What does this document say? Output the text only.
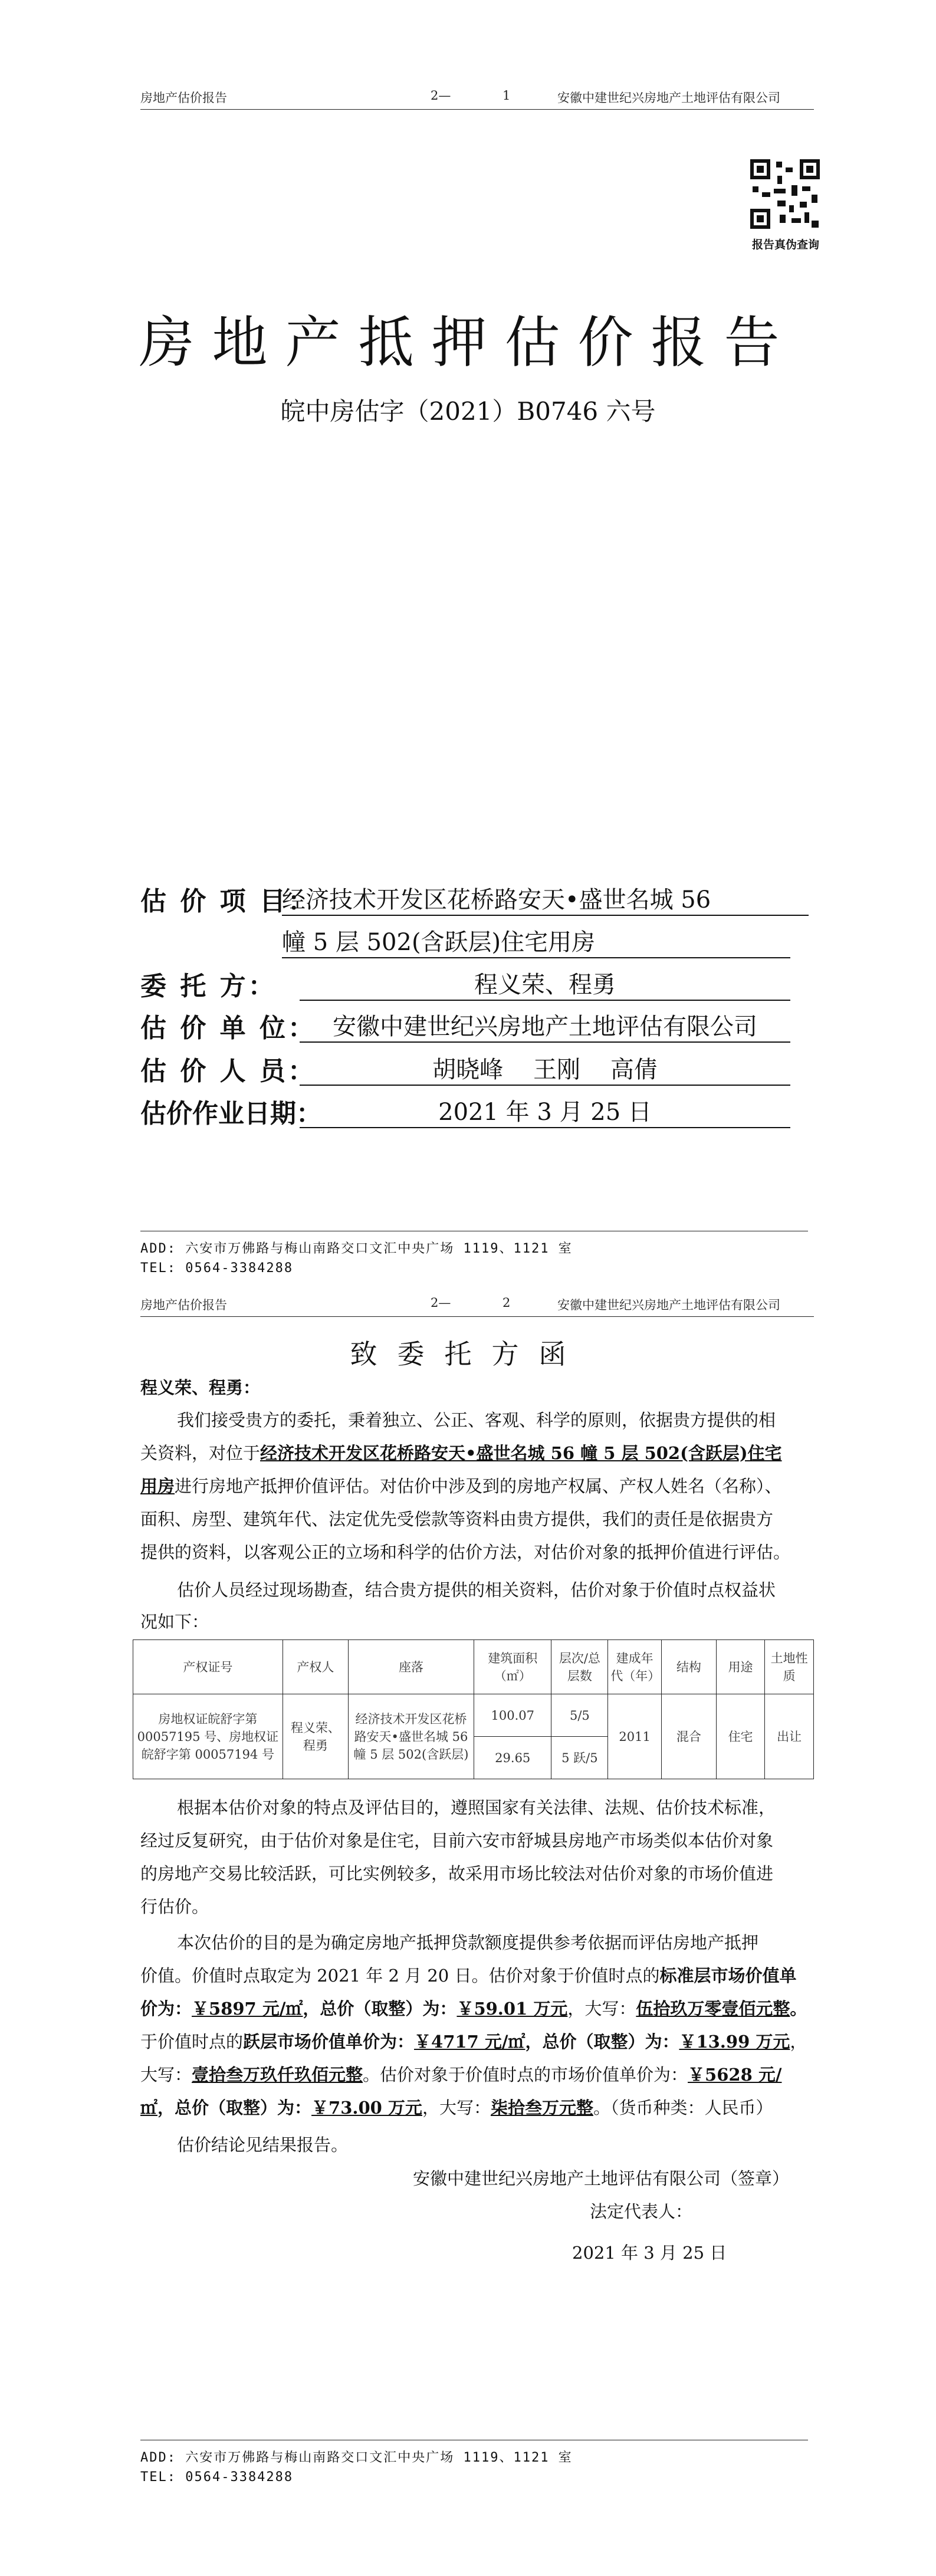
房地产估价报告	2—	1	安徽中建世纪兴房地产土地评估有限公司
报告真伪查询
房地产抵押估价报告
皖中房估字（2021）B0746 六号
估 价 项 目：
经济技术开发区花桥路安天•盛世名城 56
幢 5 层 502(含跃层)住宅用房
委 托 方：	程义荣、程勇
估 价 单 位： 安徽中建世纪兴房地产土地评估有限公司
估 价 人 员：	胡晓峰    王刚    高倩
估价作业日期：	2021 年 3 月 25 日
ADD: 六安市万佛路与梅山南路交口文汇中央广场 1119、1121 室
TEL: 0564-3384288
房地产估价报告	2—	2	安徽中建世纪兴房地产土地评估有限公司
致委托方函
程义荣、程勇：
我们接受贵方的委托，秉着独立、公正、客观、科学的原则，依据贵方提供的相
关资料，对位于经济技术开发区花桥路安天•盛世名城 56 幢 5 层 502(含跃层)住宅
用房进行房地产抵押价值评估。对估价中涉及到的房地产权属、产权人姓名（名称）、
面积、房型、建筑年代、法定优先受偿款等资料由贵方提供，我们的责任是依据贵方
提供的资料，以客观公正的立场和科学的估价方法，对估价对象的抵押价值进行评估。
估价人员经过现场勘查，结合贵方提供的相关资料，估价对象于价值时点权益状
况如下：
产权证号	产权人	座落	建筑面积（㎡）	层次/总层数	建成年代（年）	结构	用途	土地性质
房地权证皖舒字第 00057195 号、房地权证皖舒字第 00057194 号	程义荣、程勇	经济技术开发区花桥路安天•盛世名城 56 幢 5 层 502(含跃层)	100.07	5/5	2011	混合	住宅	出让
			29.65	5 跃/5				
根据本估价对象的特点及评估目的，遵照国家有关法律、法规、估价技术标准，
经过反复研究，由于估价对象是住宅，目前六安市舒城县房地产市场类似本估价对象
的房地产交易比较活跃，可比实例较多，故采用市场比较法对估价对象的市场价值进
行估价。
本次估价的目的是为确定房地产抵押贷款额度提供参考依据而评估房地产抵押
价值。价值时点取定为 2021 年 2 月 20 日。估价对象于价值时点的标准层市场价值单
价为：￥5897 元/㎡，总价（取整）为：￥59.01 万元，大写：伍拾玖万零壹佰元整。
于价值时点的跃层市场价值单价为：￥4717 元/㎡，总价（取整）为：￥13.99 万元，
大写：壹拾叁万玖仟玖佰元整。估价对象于价值时点的市场价值单价为：￥5628 元/
㎡，总价（取整）为：￥73.00 万元，大写：柒拾叁万元整。（货币种类：人民币）
估价结论见结果报告。
安徽中建世纪兴房地产土地评估有限公司（签章）
法定代表人：
2021 年 3 月 25 日
ADD: 六安市万佛路与梅山南路交口文汇中央广场 1119、1121 室
TEL: 0564-3384288
